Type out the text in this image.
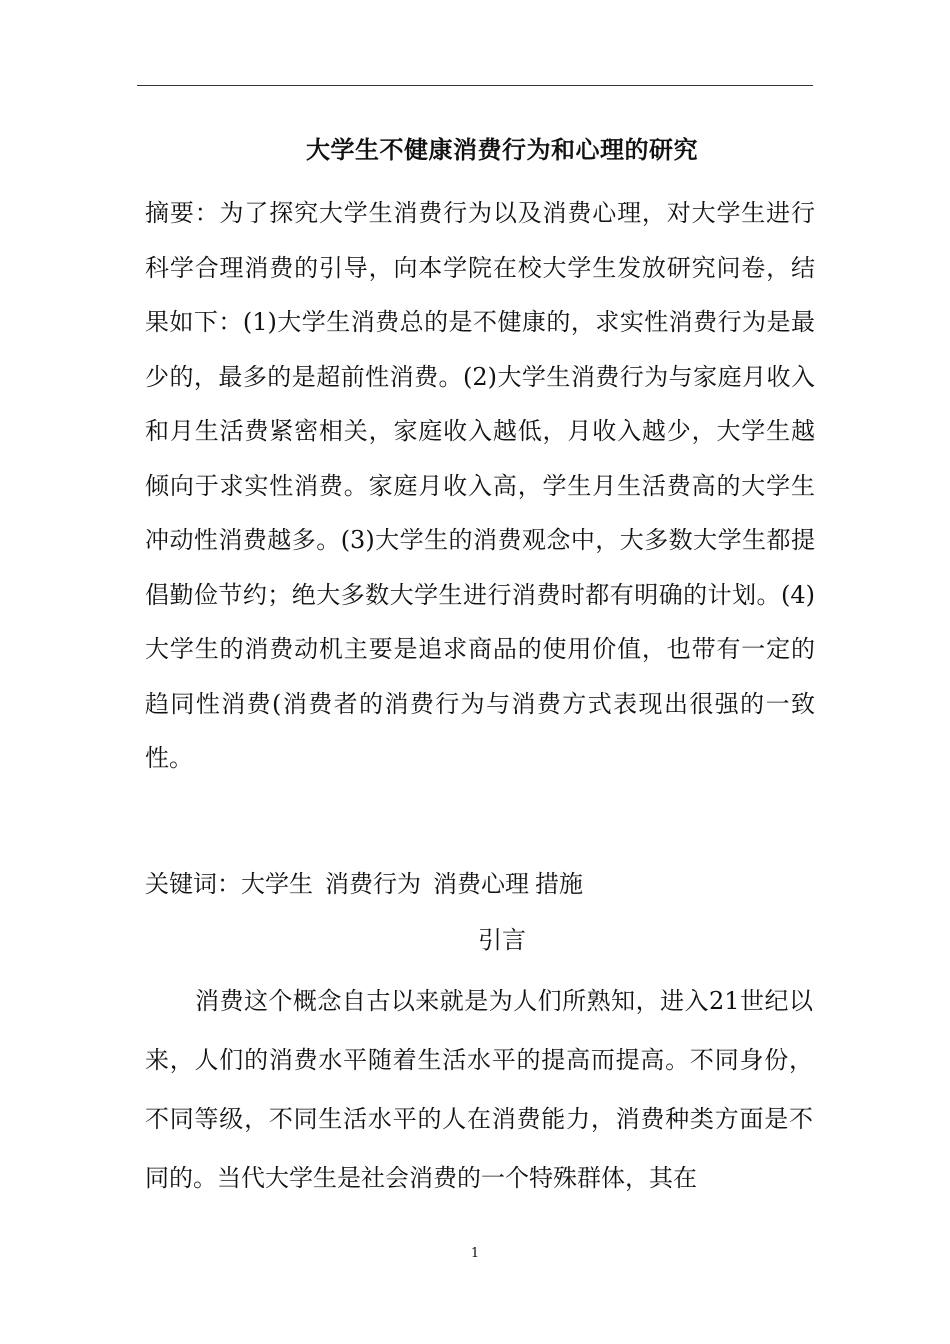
大学生不健康消费行为和心理的研究

摘要：为了探究大学生消费行为以及消费心理，对大学生进行科学合理消费的引导，向本学院在校大学生发放研究问卷，结果如下：(1)大学生消费总的是不健康的，求实性消费行为是最少的，最多的是超前性消费。(2)大学生消费行为与家庭月收入和月生活费紧密相关，家庭收入越低，月收入越少，大学生越倾向于求实性消费。家庭月收入高，学生月生活费高的大学生冲动性消费越多。(3)大学生的消费观念中，大多数大学生都提倡勤俭节约；绝大多数大学生进行消费时都有明确的计划。(4) 大学生的消费动机主要是追求商品的使用价值，也带有一定的趋同性消费(消费者的消费行为与消费方式表现出很强的一致性。

关键词：大学生 消费行为 消费心理 措施
引言

消费这个概念自古以来就是为人们所熟知，进入21世纪以来，人们的消费水平随着生活水平的提高而提高。不同身份，不同等级，不同生活水平的人在消费能力，消费种类方面是不同的。当代大学生是社会消费的一个特殊群体，其在

1
